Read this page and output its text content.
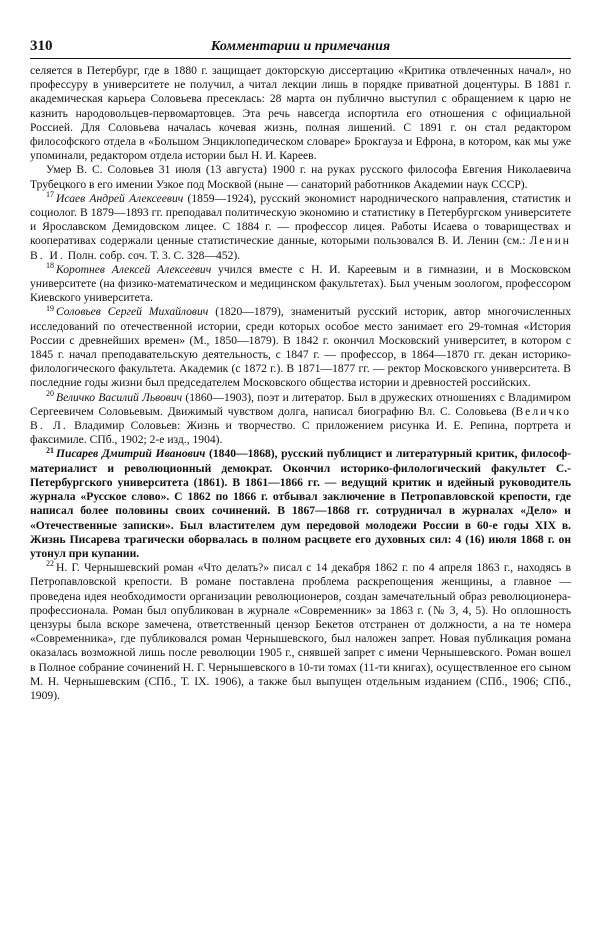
310	Комментарии и примечания

селяется в Петербург, где в 1880 г. защищает докторскую диссертацию «Критика отвлеченных начал», но профессуру в университете не получил, а читал лекции лишь в порядке приватной доцентуры. В 1881 г. академическая карьера Соловьева пресеклась: 28 марта он публично выступил с обращением к царю не казнить народовольцев-первомартовцев. Эта речь навсегда испортила его отношения с официальной Россией. Для Соловьева началась кочевая жизнь, полная лишений. С 1891 г. он стал редактором философского отдела в «Большом Энциклопедическом словаре» Брокгауза и Ефрона, в котором, как мы уже упоминали, редактором отдела истории был Н. И. Кареев.

Умер В. С. Соловьев 31 июля (13 августа) 1900 г. на руках русского философа Евгения Николаевича Трубецкого в его имении Узкое под Москвой (ныне — санаторий работников Академии наук СССР).

$^{17}$ Исаев Андрей Алексеевич (1859—1924), русский экономист народнического направления, статистик и социолог. В 1879—1893 гг. преподавал политическую экономию и статистику в Петербургском университете и Ярославском Демидовском лицее. С 1884 г. — профессор лицея. Работы Исаева о товариществах и кооперативах содержали ценные статистические данные, которыми пользовался В. И. Ленин (см.: Ленин В. И. Полн. собр. соч. Т. 3. С. 328—452).

$^{18}$ Коротнев Алексей Алексеевич учился вместе с Н. И. Кареевым и в гимназии, и в Московском университете (на физико-математическом и медицинском факультетах). Был ученым зоологом, профессором Киевского университета.

$^{19}$ Соловьев Сергей Михайлович (1820—1879), знаменитый русский историк, автор многочисленных исследований по отечественной истории, среди которых особое место занимает его 29-томная «История России с древнейших времен» (М., 1850—1879). В 1842 г. окончил Московский университет, в котором с 1845 г. начал преподавательскую деятельность, с 1847 г. — профессор, в 1864—1870 гг. декан историко-филологического факультета. Академик (с 1872 г.). В 1871—1877 гг. — ректор Московского университета. В последние годы жизни был председателем Московского общества истории и древностей российских.

$^{20}$ Величко Василий Львович (1860—1903), поэт и литератор. Был в дружеских отношениях с Владимиром Сергеевичем Соловьевым. Движимый чувством долга, написал биографию Вл. С. Соловьева (Величко В. Л. Владимир Соловьев: Жизнь и творчество. С приложением рисунка И. Е. Репина, портрета и факсимиле. СПб., 1902; 2-е изд., 1904).

$^{21}$ Писарев Дмитрий Иванович (1840—1868), русский публицист и литературный критик, философ-материалист и революционный демократ. Окончил историко-филологический факультет С.-Петербургского университета (1861). В 1861—1866 гг. — ведущий критик и идейный руководитель журнала «Русское слово». С 1862 по 1866 г. отбывал заключение в Петропавловской крепости, где написал более половины своих сочинений. В 1867—1868 гг. сотрудничал в журналах «Дело» и «Отечественные записки». Был властителем дум передовой молодежи России в 60-е годы XIX в. Жизнь Писарева трагически оборвалась в полном расцвете его духовных сил: 4 (16) июля 1868 г. он утонул при купании.

$^{22}$ Н. Г. Чернышевский роман «Что делать?» писал с 14 декабря 1862 г. по 4 апреля 1863 г., находясь в Петропавловской крепости. В романе поставлена проблема раскрепощения женщины, а главное — проведена идея необходимости организации революционеров, создан замечательный образ революционера-профессионала. Роман был опубликован в журнале «Современник» за 1863 г. (№ 3, 4, 5). Но оплошность цензуры была вскоре замечена, ответственный цензор Бекетов отстранен от должности, а на те номера «Современника», где публиковался роман Чернышевского, был наложен запрет. Новая публикация романа оказалась возможной лишь после революции 1905 г., снявшей запрет с имени Чернышевского. Роман вошел в Полное собрание сочинений Н. Г. Чернышевского в 10-ти томах (11-ти книгах), осуществленное его сыном М. Н. Чернышевским (СПб., Т. IX. 1906), а также был выпущен отдельным изданием (СПб., 1906; СПб., 1909).
